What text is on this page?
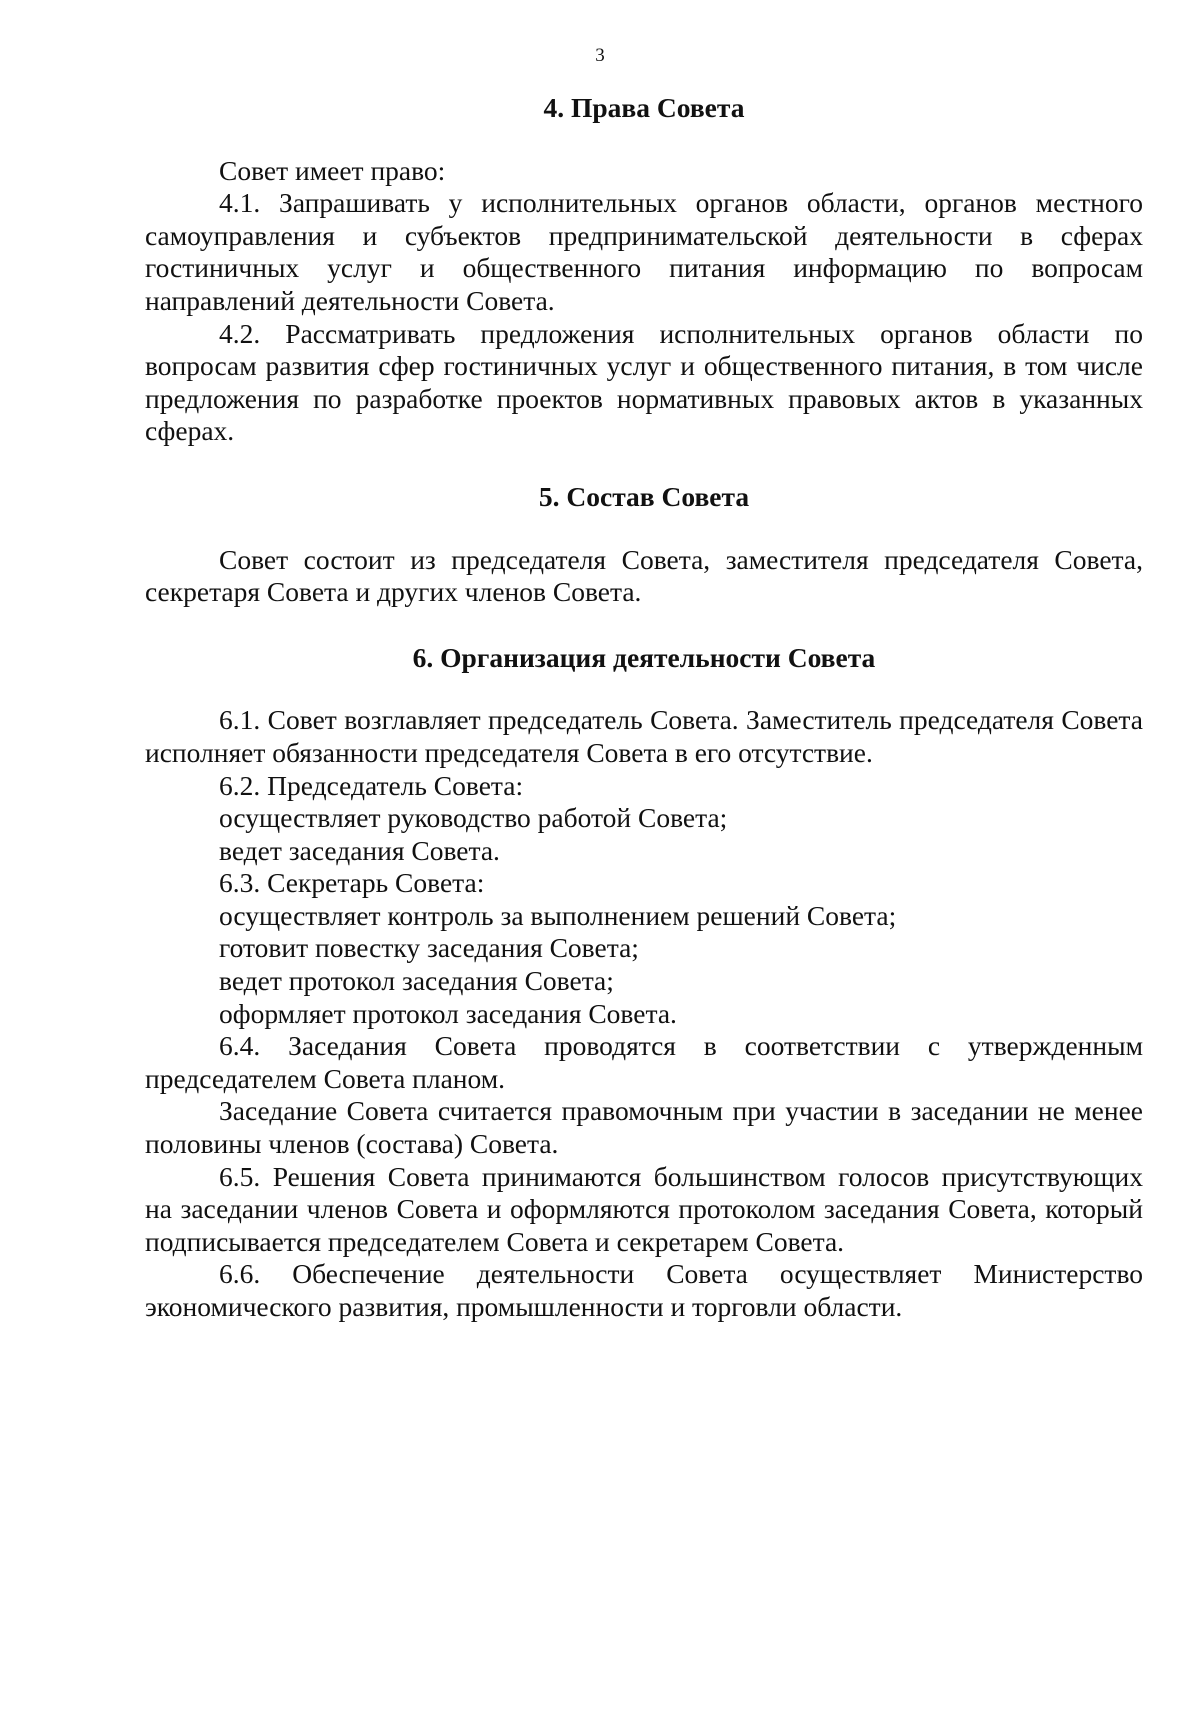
3
4. Права Совета

Совет имеет право:

4.1. Запрашивать у исполнительных органов области, органов местного самоуправления и субъектов предпринимательской деятельности в сферах гостиничных услуг и общественного питания информацию по вопросам направлений деятельности Совета.

4.2. Рассматривать предложения исполнительных органов области по вопросам развития сфер гостиничных услуг и общественного питания, в том числе предложения по разработке проектов нормативных правовых актов в указанных сферах.

5. Состав Совета

Совет состоит из председателя Совета, заместителя председателя Совета, секретаря Совета и других членов Совета.

6. Организация деятельности Совета

6.1. Совет возглавляет председатель Совета. Заместитель председателя Совета исполняет обязанности председателя Совета в его отсутствие.

6.2. Председатель Совета:

осуществляет руководство работой Совета;

ведет заседания Совета.

6.3. Секретарь Совета:

осуществляет контроль за выполнением решений Совета;

готовит повестку заседания Совета;

ведет протокол заседания Совета;

оформляет протокол заседания Совета.

6.4. Заседания Совета проводятся в соответствии с утвержденным председателем Совета планом.

Заседание Совета считается правомочным при участии в заседании не менее половины членов (состава) Совета.

6.5. Решения Совета принимаются большинством голосов присутствующих на заседании членов Совета и оформляются протоколом заседания Совета, который подписывается председателем Совета и секретарем Совета.

6.6. Обеспечение деятельности Совета осуществляет Министерство экономического развития, промышленности и торговли области.
